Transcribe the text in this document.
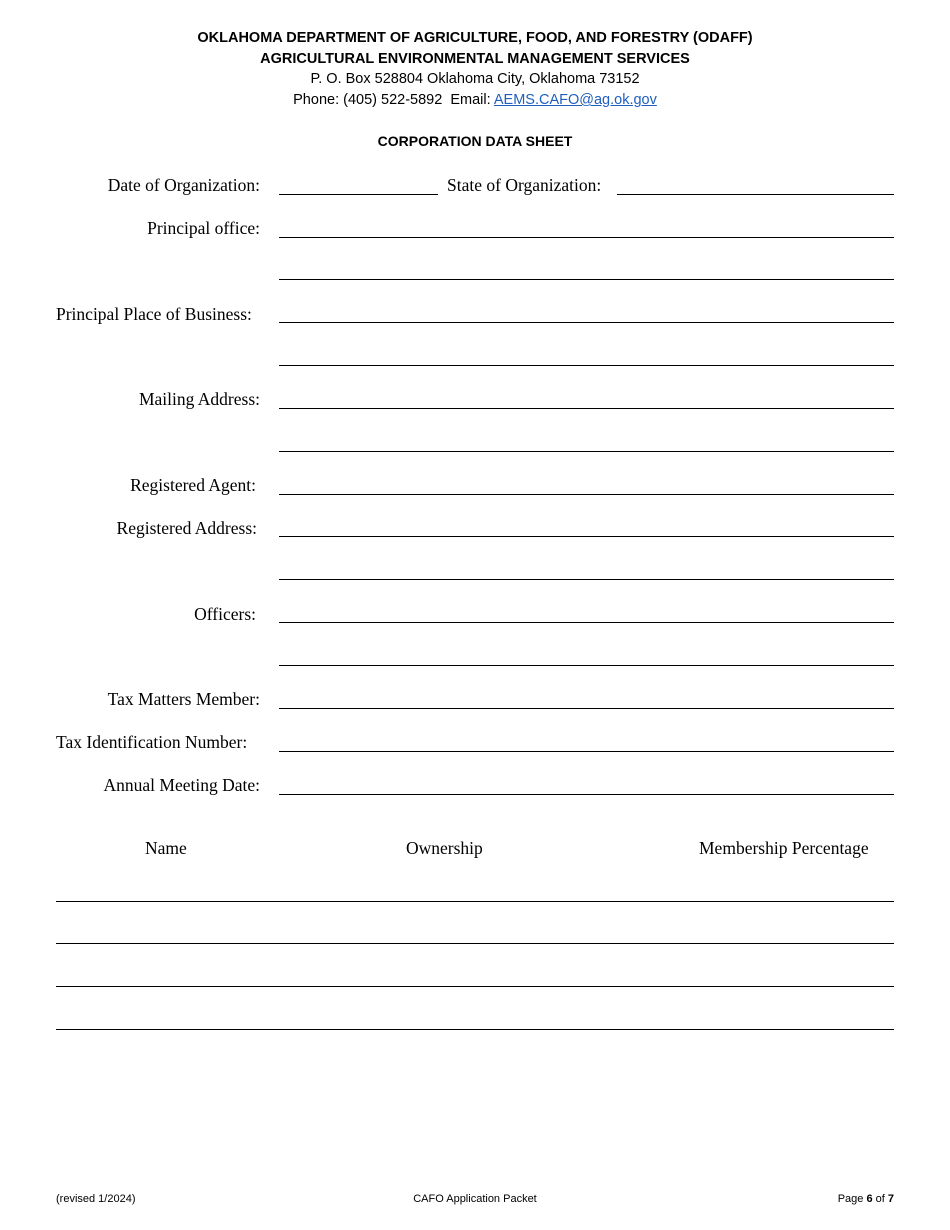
OKLAHOMA DEPARTMENT OF AGRICULTURE, FOOD, AND FORESTRY (ODAFF)
AGRICULTURAL ENVIRONMENTAL MANAGEMENT SERVICES
P. O. Box 528804 Oklahoma City, Oklahoma 73152
Phone: (405) 522-5892  Email: AEMS.CAFO@ag.ok.gov
CORPORATION DATA SHEET
Date of Organization:	State of Organization:
Principal office:
Principal Place of Business:
Mailing Address:
Registered Agent:
Registered Address:
Officers:
Tax Matters Member:
Tax Identification Number:
Annual Meeting Date:
Name	Ownership	Membership Percentage
(revised 1/2024)	CAFO Application Packet	Page 6 of 7
